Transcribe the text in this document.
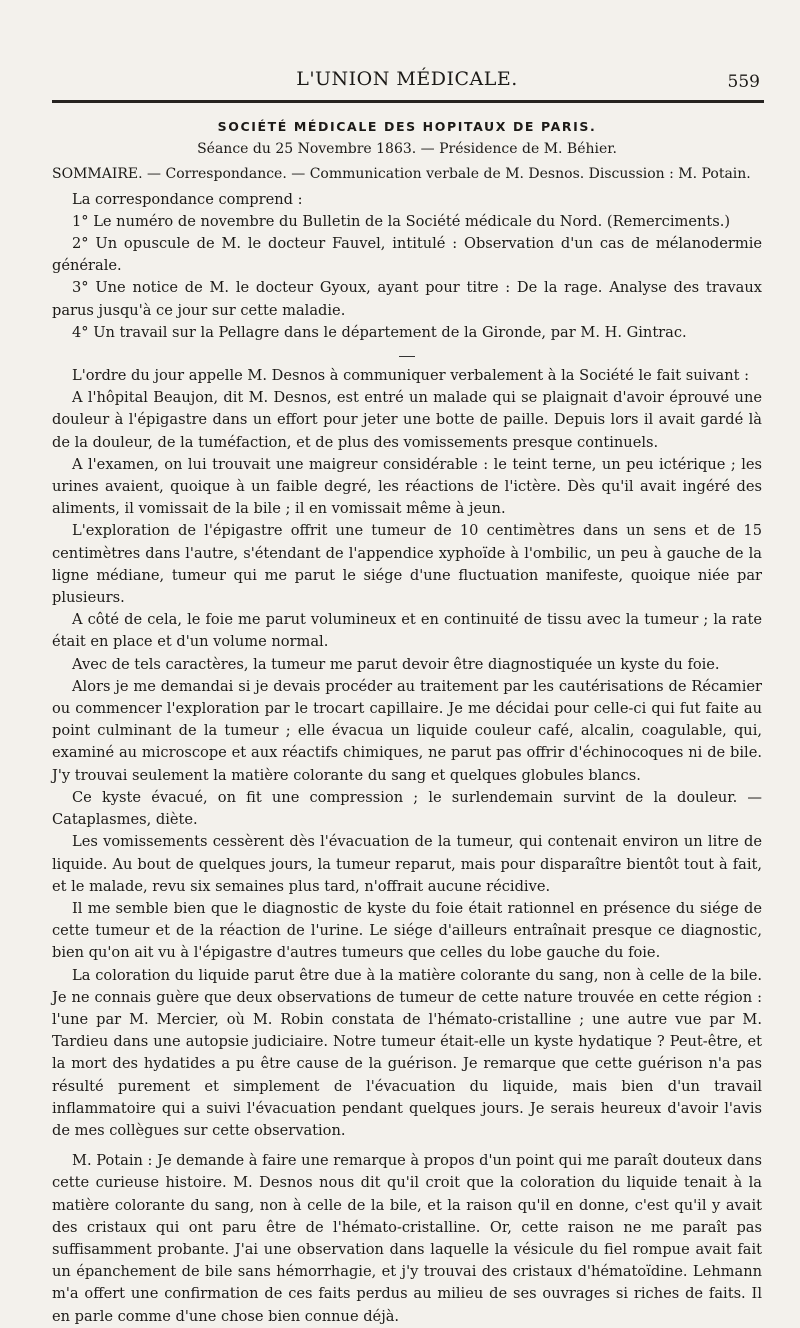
L'UNION MÉDICALE.	559

SOCIÉTÉ MÉDICALE DES HOPITAUX DE PARIS.

Séance du 25 Novembre 1863. — Présidence de M. Béhier.

SOMMAIRE. — Correspondance. — Communication verbale de M. Desnos. Discussion : M. Potain.

La correspondance comprend :

1° Le numéro de novembre du Bulletin de la Société médicale du Nord. (Remerciments.)

2° Un opuscule de M. le docteur Fauvel, intitulé : Observation d'un cas de mélanodermie générale.

3° Une notice de M. le docteur Gyoux, ayant pour titre : De la rage. Analyse des travaux parus jusqu'à ce jour sur cette maladie.

4° Un travail sur la Pellagre dans le département de la Gironde, par M. H. Gintrac.

L'ordre du jour appelle M. Desnos à communiquer verbalement à la Société le fait suivant :

A l'hôpital Beaujon, dit M. Desnos, est entré un malade qui se plaignait d'avoir éprouvé une douleur à l'épigastre dans un effort pour jeter une botte de paille. Depuis lors il avait gardé là de la douleur, de la tuméfaction, et de plus des vomissements presque continuels.

A l'examen, on lui trouvait une maigreur considérable : le teint terne, un peu ictérique ; les urines avaient, quoique à un faible degré, les réactions de l'ictère. Dès qu'il avait ingéré des aliments, il vomissait de la bile ; il en vomissait même à jeun.

L'exploration de l'épigastre offrit une tumeur de 10 centimètres dans un sens et de 15 centimètres dans l'autre, s'étendant de l'appendice xyphoïde à l'ombilic, un peu à gauche de la ligne médiane, tumeur qui me parut le siége d'une fluctuation manifeste, quoique niée par plusieurs.

A côté de cela, le foie me parut volumineux et en continuité de tissu avec la tumeur ; la rate était en place et d'un volume normal.

Avec de tels caractères, la tumeur me parut devoir être diagnostiquée un kyste du foie.

Alors je me demandai si je devais procéder au traitement par les cautérisations de Récamier ou commencer l'exploration par le trocart capillaire. Je me décidai pour celle-ci qui fut faite au point culminant de la tumeur ; elle évacua un liquide couleur café, alcalin, coagulable, qui, examiné au microscope et aux réactifs chimiques, ne parut pas offrir d'échinocoques ni de bile. J'y trouvai seulement la matière colorante du sang et quelques globules blancs.

Ce kyste évacué, on fit une compression ; le surlendemain survint de la douleur. — Cataplasmes, diète.

Les vomissements cessèrent dès l'évacuation de la tumeur, qui contenait environ un litre de liquide. Au bout de quelques jours, la tumeur reparut, mais pour disparaître bientôt tout à fait, et le malade, revu six semaines plus tard, n'offrait aucune récidive.

Il me semble bien que le diagnostic de kyste du foie était rationnel en présence du siége de cette tumeur et de la réaction de l'urine. Le siége d'ailleurs entraînait presque ce diagnostic, bien qu'on ait vu à l'épigastre d'autres tumeurs que celles du lobe gauche du foie.

La coloration du liquide parut être due à la matière colorante du sang, non à celle de la bile. Je ne connais guère que deux observations de tumeur de cette nature trouvée en cette région : l'une par M. Mercier, où M. Robin constata de l'hémato-cristalline ; une autre vue par M. Tardieu dans une autopsie judiciaire. Notre tumeur était-elle un kyste hydatique ? Peut-être, et la mort des hydatides a pu être cause de la guérison. Je remarque que cette guérison n'a pas résulté purement et simplement de l'évacuation du liquide, mais bien d'un travail inflammatoire qui a suivi l'évacuation pendant quelques jours. Je serais heureux d'avoir l'avis de mes collègues sur cette observation.

M. Potain : Je demande à faire une remarque à propos d'un point qui me paraît douteux dans cette curieuse histoire. M. Desnos nous dit qu'il croit que la coloration du liquide tenait à la matière colorante du sang, non à celle de la bile, et la raison qu'il en donne, c'est qu'il y avait des cristaux qui ont paru être de l'hémato-cristalline. Or, cette raison ne me paraît pas suffisamment probante. J'ai une observation dans laquelle la vésicule du fiel rompue avait fait un épanchement de bile sans hémorrhagie, et j'y trouvai des cristaux d'hématoïdine. Lehmann m'a offert une confirmation de ces faits perdus au milieu de ses ouvrages si riches de faits. Il en parle comme d'une chose bien connue déjà.
